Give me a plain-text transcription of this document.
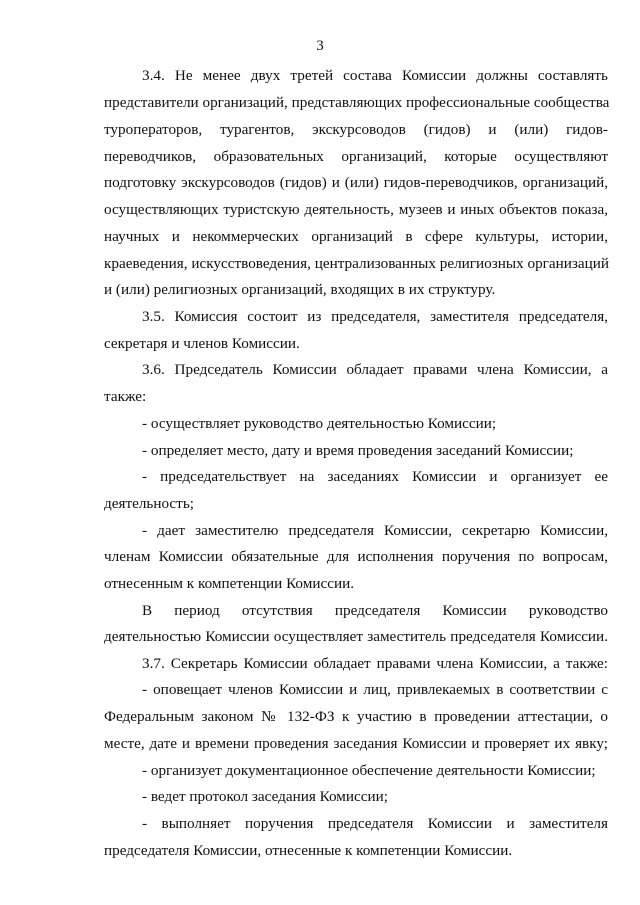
3
3.4. Не менее двух третей состава Комиссии должны составлять
представители организаций, представляющих профессиональные сообщества
туроператоров, турагентов, экскурсоводов (гидов) и (или) гидов-
переводчиков, образовательных организаций, которые осуществляют
подготовку экскурсоводов (гидов) и (или) гидов-переводчиков, организаций,
осуществляющих туристскую деятельность, музеев и иных объектов показа,
научных и некоммерческих организаций в сфере культуры, истории,
краеведения, искусствоведения, централизованных религиозных организаций
и (или) религиозных организаций, входящих в их структуру.
3.5. Комиссия состоит из председателя, заместителя председателя,
секретаря и членов Комиссии.
3.6. Председатель Комиссии обладает правами члена Комиссии, а
также:
- осуществляет руководство деятельностью Комиссии;
- определяет место, дату и время проведения заседаний Комиссии;
- председательствует на заседаниях Комиссии и организует ее
деятельность;
- дает заместителю председателя Комиссии, секретарю Комиссии,
членам Комиссии обязательные для исполнения поручения по вопросам,
отнесенным к компетенции Комиссии.
В период отсутствия председателя Комиссии руководство
деятельностью Комиссии осуществляет заместитель председателя Комиссии.
3.7. Секретарь Комиссии обладает правами члена Комиссии, а также:
- оповещает членов Комиссии и лиц, привлекаемых в соответствии с
Федеральным законом № 132-ФЗ к участию в проведении аттестации, о
месте, дате и времени проведения заседания Комиссии и проверяет их явку;
- организует документационное обеспечение деятельности Комиссии;
- ведет протокол заседания Комиссии;
- выполняет поручения председателя Комиссии и заместителя
председателя Комиссии, отнесенные к компетенции Комиссии.
